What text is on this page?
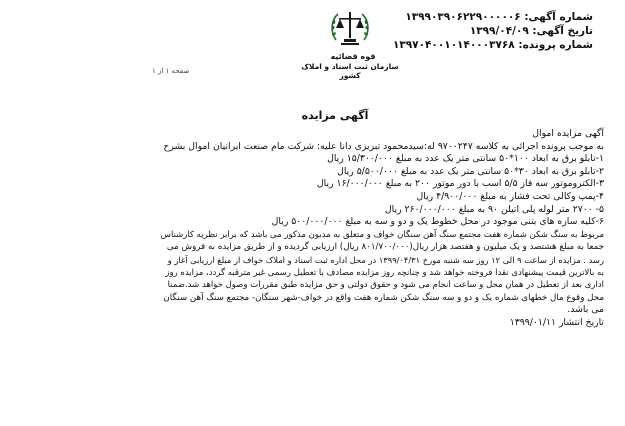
شماره آگهی: ۱۳۹۹۰۳۹۰۶۲۲۹۰۰۰۰۰۶
تاریخ آگهی: ۱۳۹۹/۰۴/۰۹
شماره پرونده: ۱۳۹۷۰۴۰۰۱۰۱۴۰۰۰۳۷۶۸
صفحه ۱ از ۱
قوه قضائیه
سازمان ثبت اسناد و املاک کشور
آگهی مزایده
آگهی مزایده اموال
به موجب پرونده اجرائی به کلاسه ۹۷۰۰۲۴۷ له:سیدمحمود تبریزی دانا علیه: شرکت مام صنعت ایرانیان اموال بشرح
۱-تابلو برق به ابعاد ۱۰۰*۵۰ سانتی متر یک عدد به مبلغ ۱۵/۳۰۰/۰۰۰ ریال
۲-تابلو برق به ابعاد ۳۰*۵۰ سانتی متر یک عدد به مبلغ ۵/۵۰۰/۰۰۰ ریال
۳-الکتروموتور سه فاز ۵/۵ اسب با دور موتور ۲۰۰ به مبلغ ۱۶/۰۰۰/۰۰۰ ریال
۴-پمپ وکالی تحت فشار به مبلغ ۴/۹۰۰/۰۰۰ ریال
۵- ۲۷۰۰ متر لوله پلی اتیلن ۹۰ به مبلغ ۲۶۰/۰۰۰/۰۰۰ ریال
۶-کلیه سازه های بتنی موجود در محل خطوط یک و دو و سه به مبلغ ۵۰۰/۰۰۰/۰۰۰ ریال
مربوط به سنگ شکن شماره هفت مجتمع سنگ آهن سنگان خواف و متعلق به مدیون مذکور می باشد که برابر نظریه کارشناس
جمعا به مبلغ هشتصد و یک میلیون و هفتصد هزار ریال(۸۰۱/۷۰۰/۰۰۰ ریال) ارزیابی گردیده و از طریق مزایده به فروش می
رسد . مزایده از ساعت ۹ الی ۱۲ روز سه شنبه مورخ ۱۳۹۹/۰۴/۳۱ در محل اداره ثبت اسناد و املاک خواف از مبلغ ارزیابی آغاز و
به بالاترین قیمت پیشنهادی نقدا فروخته خواهد شد و چنانچه روز مزایده مصادف با تعطیل رسمی غیر مترقبه گردد، مزایده روز
اداری بعد از تعطیل در همان محل و ساعت انجام می شود و حقوق دولتی و حق مزایده طبق مقررات وصول خواهد شد.ضمنا
محل وقوع مال خطهای شماره یک و دو و سه سنگ شکن شماره هفت واقع در خواف-شهر سنگان- مجتمع سنگ آهن سنگان
می باشد.
تاریخ انتشار ۱۳۹۹/۰۱/۱۱
